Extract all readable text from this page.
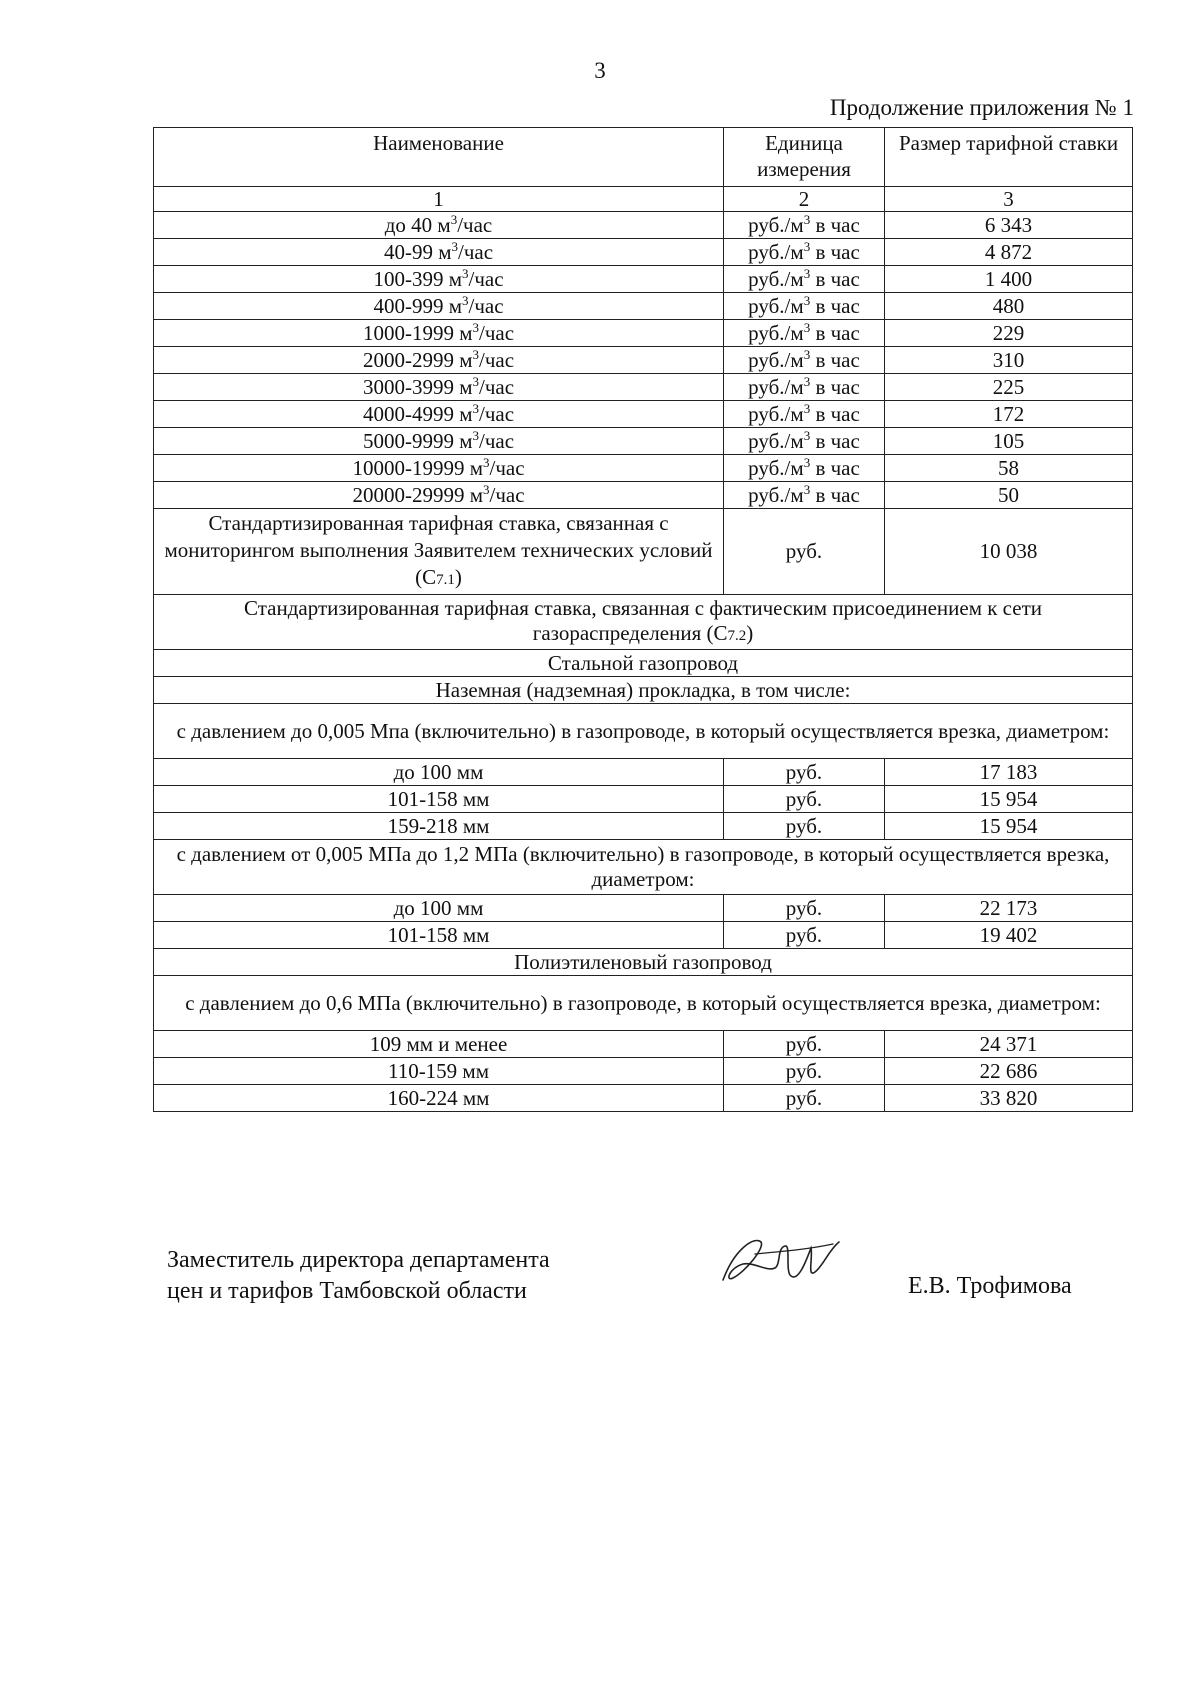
3
Продолжение приложения № 1
Наименование	Единица измерения	Размер тарифной ставки
1	2	3
до 40 $м^3$/час	$руб./м^3$ в час	6 343
40-99 $м^3$/час	$руб./м^3$ в час	4 872
100-399 $м^3$/час	$руб./м^3$ в час	1 400
400-999 $м^3$/час	$руб./м^3$ в час	480
1000-1999 $м^3$/час	$руб./м^3$ в час	229
2000-2999 $м^3$/час	$руб./м^3$ в час	310
3000-3999 $м^3$/час	$руб./м^3$ в час	225
4000-4999 $м^3$/час	$руб./м^3$ в час	172
5000-9999 $м^3$/час	$руб./м^3$ в час	105
10000-19999 $м^3$/час	$руб./м^3$ в час	58
20000-29999 $м^3$/час	$руб./м^3$ в час	50
Стандартизированная тарифная ставка, связанная с мониторингом выполнения Заявителем технических условий (С7.1)	руб.	10 038
Стандартизированная тарифная ставка, связанная с фактическим присоединением к сети газораспределения (С7.2)		
Стальной газопровод		
Наземная (надземная) прокладка, в том числе:		
с давлением до 0,005 Мпа (включительно) в газопроводе, в который осуществляется врезка, диаметром:		
до 100 мм	руб.	17 183
101-158 мм	руб.	15 954
159-218 мм	руб.	15 954
с давлением от 0,005 МПа до 1,2 МПа (включительно) в газопроводе, в который осуществляется врезка, диаметром:		
до 100 мм	руб.	22 173
101-158 мм	руб.	19 402
Полиэтиленовый газопровод		
с давлением до 0,6 МПа (включительно) в газопроводе, в который осуществляется врезка, диаметром:		
109 мм и менее	руб.	24 371
110-159 мм	руб.	22 686
160-224 мм	руб.	33 820
Заместитель директора департамента
цен и тарифов Тамбовской области	Е.В. Трофимова
